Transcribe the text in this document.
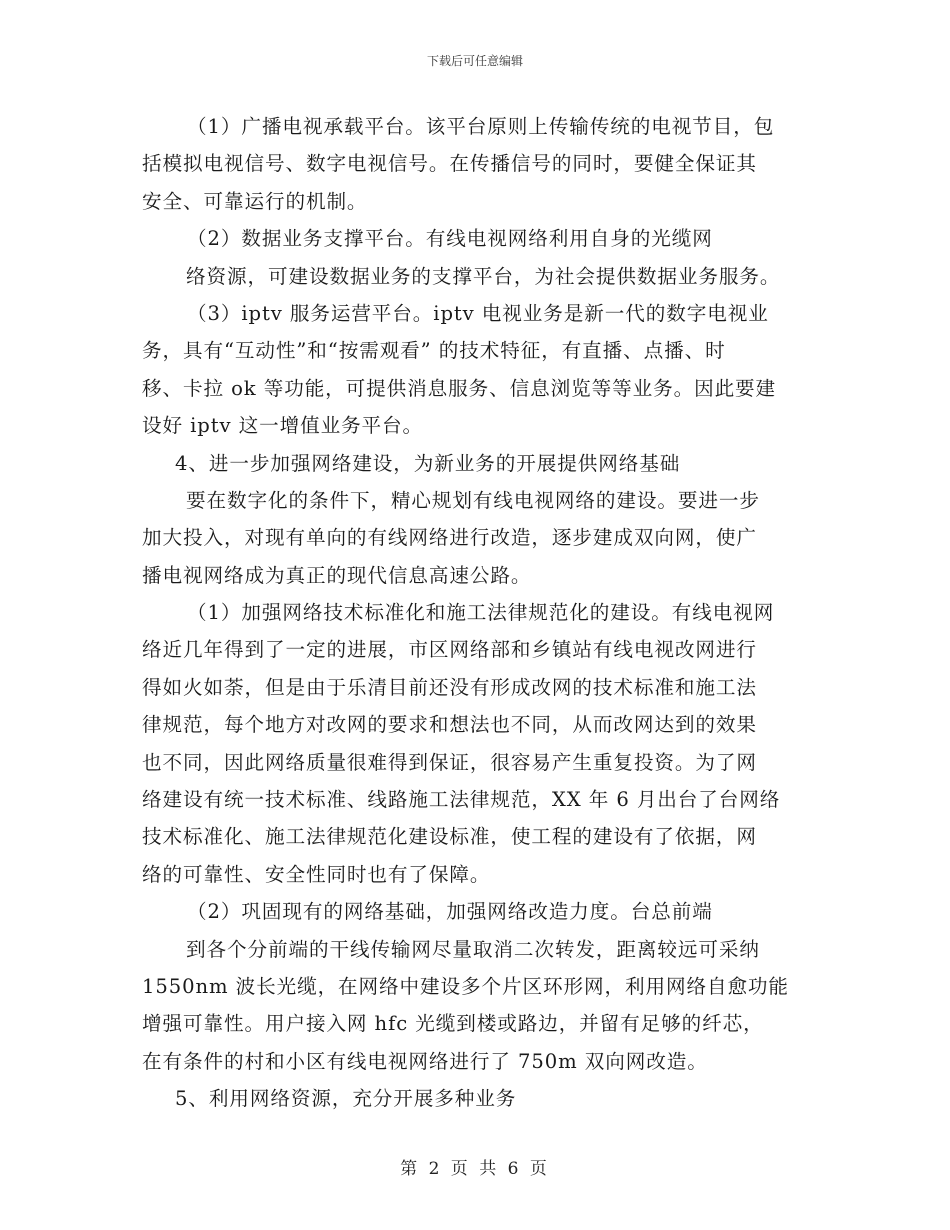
下载后可任意编辑
（1）广播电视承载平台。该平台原则上传输传统的电视节目，包
括模拟电视信号、数字电视信号。在传播信号的同时，要健全保证其
安全、可靠运行的机制。
（2）数据业务支撑平台。有线电视网络利用自身的光缆网
络资源，可建设数据业务的支撑平台，为社会提供数据业务服务。
（3）iptv 服务运营平台。iptv 电视业务是新一代的数字电视业
务，具有“互动性”和“按需观看” 的技术特征，有直播、点播、时
移、卡拉 ok 等功能，可提供消息服务、信息浏览等等业务。因此要建
设好 iptv 这一增值业务平台。
4、进一步加强网络建设，为新业务的开展提供网络基础
要在数字化的条件下，精心规划有线电视网络的建设。要进一步
加大投入，对现有单向的有线网络进行改造，逐步建成双向网，使广
播电视网络成为真正的现代信息高速公路。
（1）加强网络技术标准化和施工法律规范化的建设。有线电视网
络近几年得到了一定的进展，市区网络部和乡镇站有线电视改网进行
得如火如荼，但是由于乐清目前还没有形成改网的技术标准和施工法
律规范，每个地方对改网的要求和想法也不同，从而改网达到的效果
也不同，因此网络质量很难得到保证，很容易产生重复投资。为了网
络建设有统一技术标准、线路施工法律规范，XX 年 6 月出台了台网络
技术标准化、施工法律规范化建设标准，使工程的建设有了依据，网
络的可靠性、安全性同时也有了保障。
（2）巩固现有的网络基础，加强网络改造力度。台总前端
到各个分前端的干线传输网尽量取消二次转发，距离较远可采纳
1550nm 波长光缆，在网络中建设多个片区环形网，利用网络自愈功能
增强可靠性。用户接入网 hfc 光缆到楼或路边，并留有足够的纤芯，
在有条件的村和小区有线电视网络进行了 750m 双向网改造。
5、利用网络资源，充分开展多种业务
第 2 页 共 6 页
